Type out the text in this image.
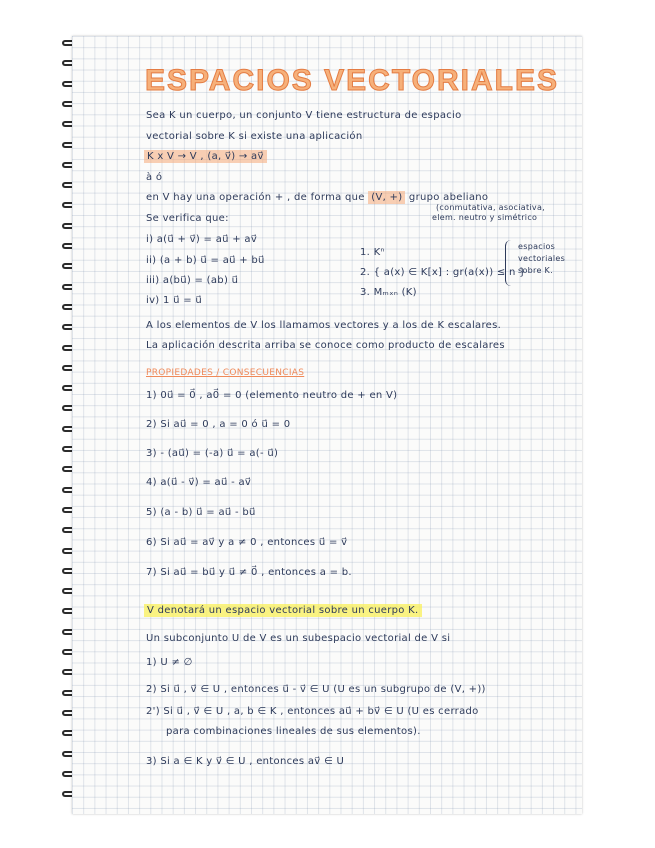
ESPACIOS VECTORIALES
Sea K un cuerpo, un conjunto V tiene estructura de espacio
vectorial sobre K si existe una aplicación
K x V → V , (a, v⃗) → av⃗
à ó
en V hay una operación + , de forma que (V, +) grupo abeliano
(conmutativa, asociativa,
elem. neutro y simétrico
Se verifica que:
i) a(u⃗ + v⃗) = au⃗ + av⃗
ii) (a + b) u⃗ = au⃗ + bu⃗
iii) a(bu⃗) = (ab) u⃗
iv) 1 u⃗ = u⃗
1. Kⁿ
2. { a(x) ∈ K[x] : gr(a(x)) ≤ n }
3. Mₘₓₙ (K)
espacios
vectoriales
sobre K.
A los elementos de V los llamamos vectores y a los de K escalares.
La aplicación descrita arriba se conoce como producto de escalares
PROPIEDADES / CONSECUENCIAS
1) 0u⃗ = 0⃗ , a0⃗ = 0 (elemento neutro de + en V)
2) Si au⃗ = 0 , a = 0 ó u⃗ = 0
3) - (au⃗) = (-a) u⃗ = a(- u⃗)
4) a(u⃗ - v⃗) = au⃗ - av⃗
5) (a - b) u⃗ = au⃗ - bu⃗
6) Si au⃗ = av⃗ y a ≠ 0 , entonces u⃗ = v⃗
7) Si au⃗ = bu⃗ y u⃗ ≠ 0⃗ , entonces a = b.
V denotará un espacio vectorial sobre un cuerpo K.
Un subconjunto U de V es un subespacio vectorial de V si
1) U ≠ ∅
2) Si u⃗ , v⃗ ∈ U , entonces u⃗ - v⃗ ∈ U (U es un subgrupo de (V, +))
2') Si u⃗ , v⃗ ∈ U , a, b ∈ K , entonces au⃗ + bv⃗ ∈ U (U es cerrado
para combinaciones lineales de sus elementos).
3) Si a ∈ K y v⃗ ∈ U , entonces av⃗ ∈ U
